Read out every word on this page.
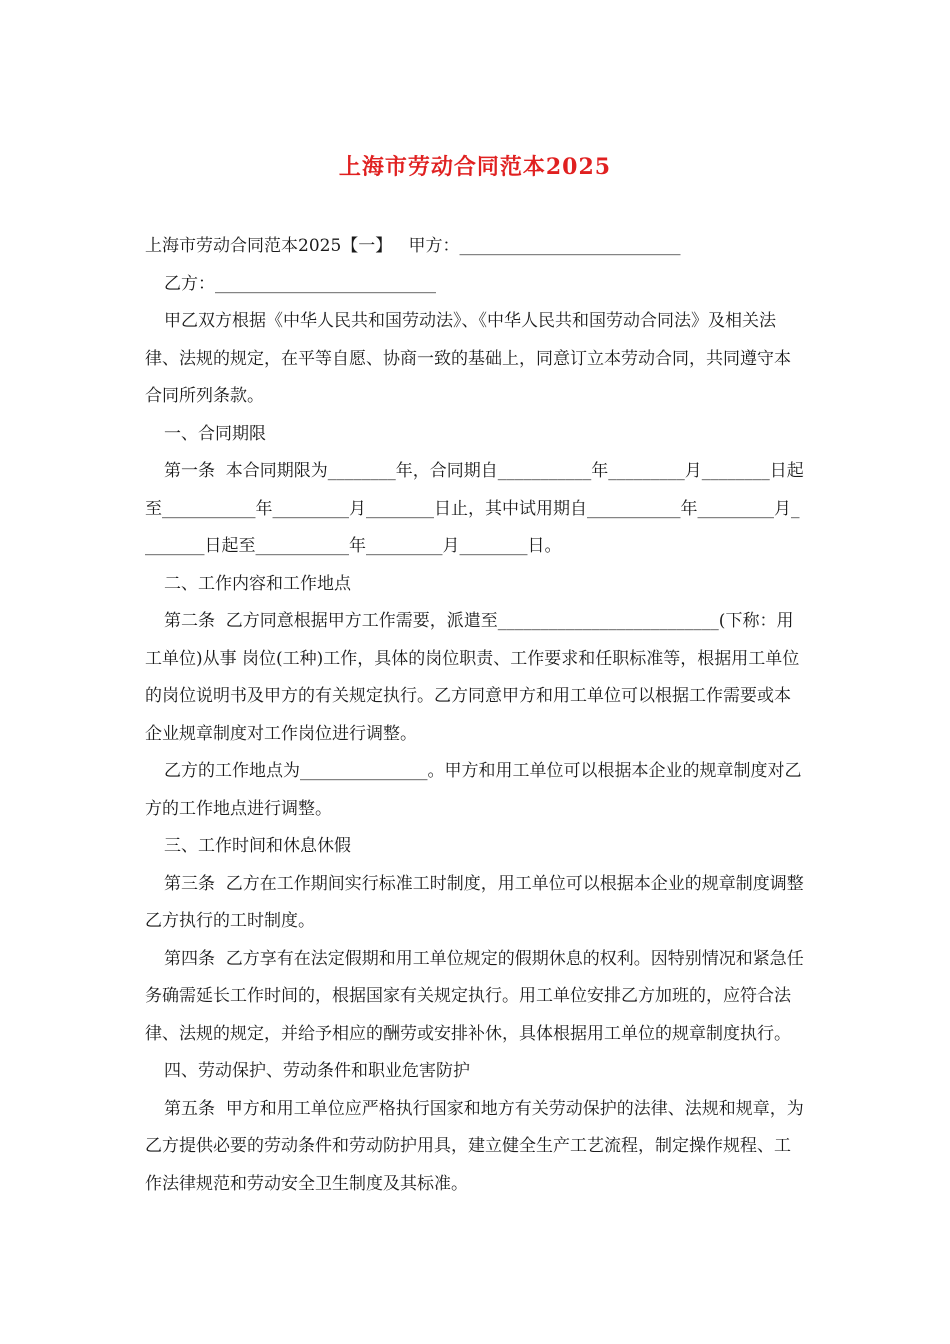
上海市劳动合同范本2025

上海市劳动合同范本2025【一】   甲方：__________________________

乙方：__________________________

甲乙双方根据《中华人民共和国劳动法》、《中华人民共和国劳动合同法》及相关法律、法规的规定，在平等自愿、协商一致的基础上，同意订立本劳动合同，共同遵守本合同所列条款。

一、合同期限

第一条  本合同期限为________年，合同期自___________年_________月________日起至___________年_________月________日止，其中试用期自___________年_________月________日起至___________年_________月________日。

二、工作内容和工作地点

第二条  乙方同意根据甲方工作需要，派遣至__________________________(下称：用工单位)从事 岗位(工种)工作，具体的岗位职责、工作要求和任职标准等，根据用工单位的岗位说明书及甲方的有关规定执行。乙方同意甲方和用工单位可以根据工作需要或本企业规章制度对工作岗位进行调整。

乙方的工作地点为_______________。甲方和用工单位可以根据本企业的规章制度对乙方的工作地点进行调整。

三、工作时间和休息休假

第三条  乙方在工作期间实行标准工时制度，用工单位可以根据本企业的规章制度调整乙方执行的工时制度。

第四条  乙方享有在法定假期和用工单位规定的假期休息的权利。因特别情况和紧急任务确需延长工作时间的，根据国家有关规定执行。用工单位安排乙方加班的，应符合法律、法规的规定，并给予相应的酬劳或安排补休，具体根据用工单位的规章制度执行。

四、劳动保护、劳动条件和职业危害防护

第五条  甲方和用工单位应严格执行国家和地方有关劳动保护的法律、法规和规章，为乙方提供必要的劳动条件和劳动防护用具，建立健全生产工艺流程，制定操作规程、工作法律规范和劳动安全卫生制度及其标准。
